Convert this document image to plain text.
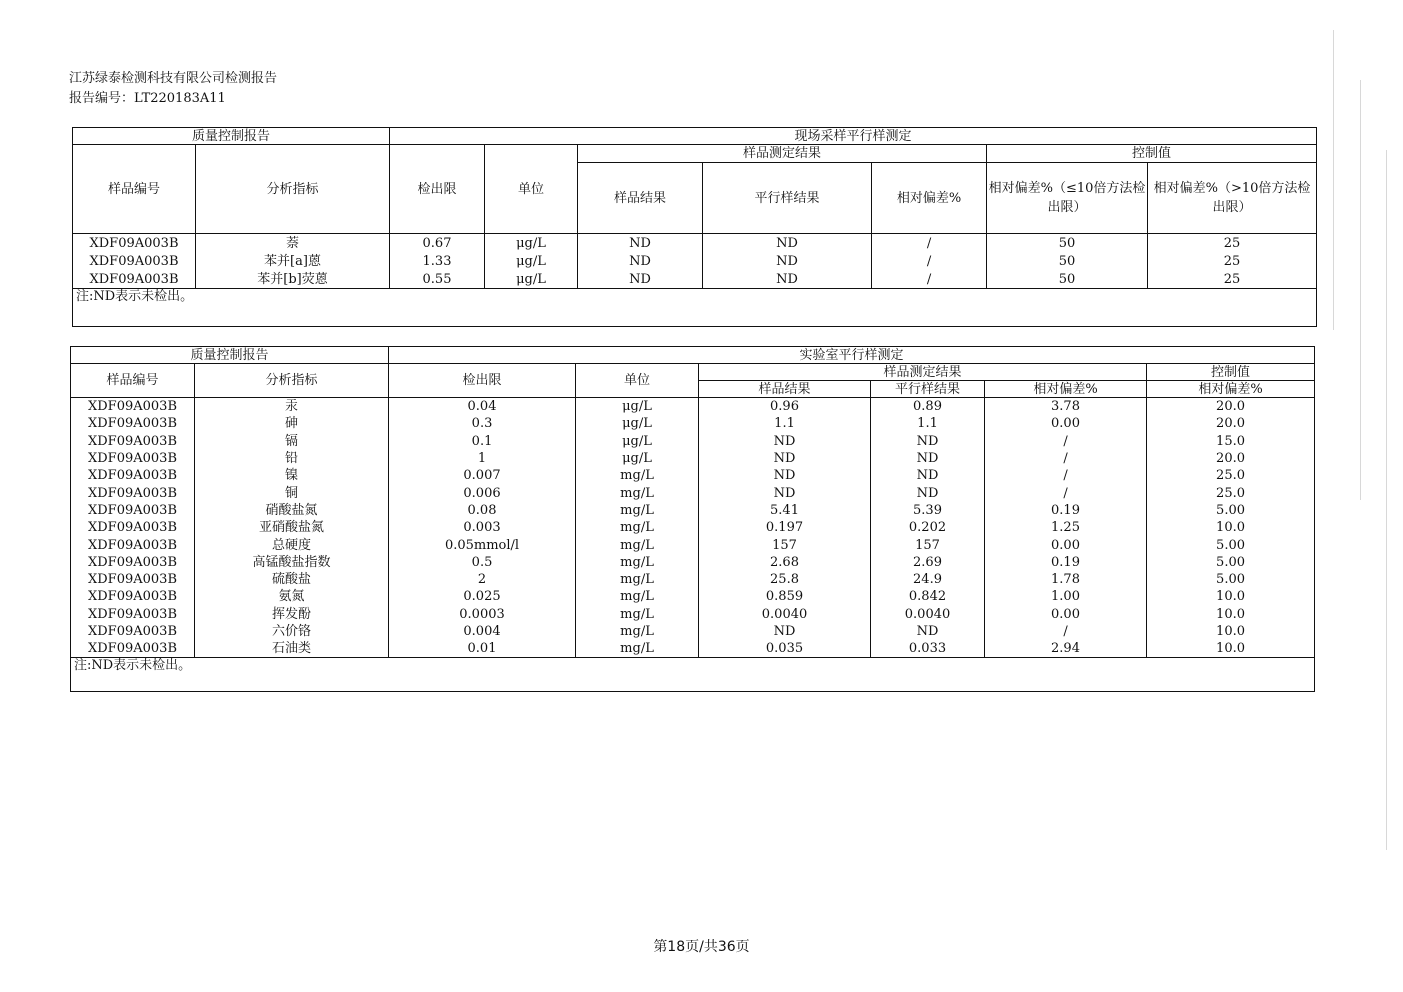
江苏绿泰检测科技有限公司检测报告
报告编号：LT220183A11
质量控制报告		现场采样平行样测定						
样品编号	分析指标	检出限	单位	样品测定结果			控制值	
				样品结果	平行样结果	相对偏差%	相对偏差%（≤10倍方法检出限）	相对偏差%（>10倍方法检出限）
XDF09A003B	萘	0.67	μg/L	ND	ND	/	50	25
XDF09A003B	苯并[a]蒽	1.33	μg/L	ND	ND	/	50	25
XDF09A003B	苯并[b]荧蒽	0.55	μg/L	ND	ND	/	50	25
注:ND表示未检出。								
质量控制报告		实验室平行样测定					
样品编号	分析指标	检出限	单位	样品测定结果			控制值
				样品结果	平行样结果	相对偏差%	相对偏差%
XDF09A003B	汞	0.04	μg/L	0.96	0.89	3.78	20.0
XDF09A003B	砷	0.3	μg/L	1.1	1.1	0.00	20.0
XDF09A003B	镉	0.1	μg/L	ND	ND	/	15.0
XDF09A003B	铅	1	μg/L	ND	ND	/	20.0
XDF09A003B	镍	0.007	mg/L	ND	ND	/	25.0
XDF09A003B	铜	0.006	mg/L	ND	ND	/	25.0
XDF09A003B	硝酸盐氮	0.08	mg/L	5.41	5.39	0.19	5.00
XDF09A003B	亚硝酸盐氮	0.003	mg/L	0.197	0.202	1.25	10.0
XDF09A003B	总硬度	0.05mmol/l	mg/L	157	157	0.00	5.00
XDF09A003B	高锰酸盐指数	0.5	mg/L	2.68	2.69	0.19	5.00
XDF09A003B	硫酸盐	2	mg/L	25.8	24.9	1.78	5.00
XDF09A003B	氨氮	0.025	mg/L	0.859	0.842	1.00	10.0
XDF09A003B	挥发酚	0.0003	mg/L	0.0040	0.0040	0.00	10.0
XDF09A003B	六价铬	0.004	mg/L	ND	ND	/	10.0
XDF09A003B	石油类	0.01	mg/L	0.035	0.033	2.94	10.0
注:ND表示未检出。							
第18页/共36页
